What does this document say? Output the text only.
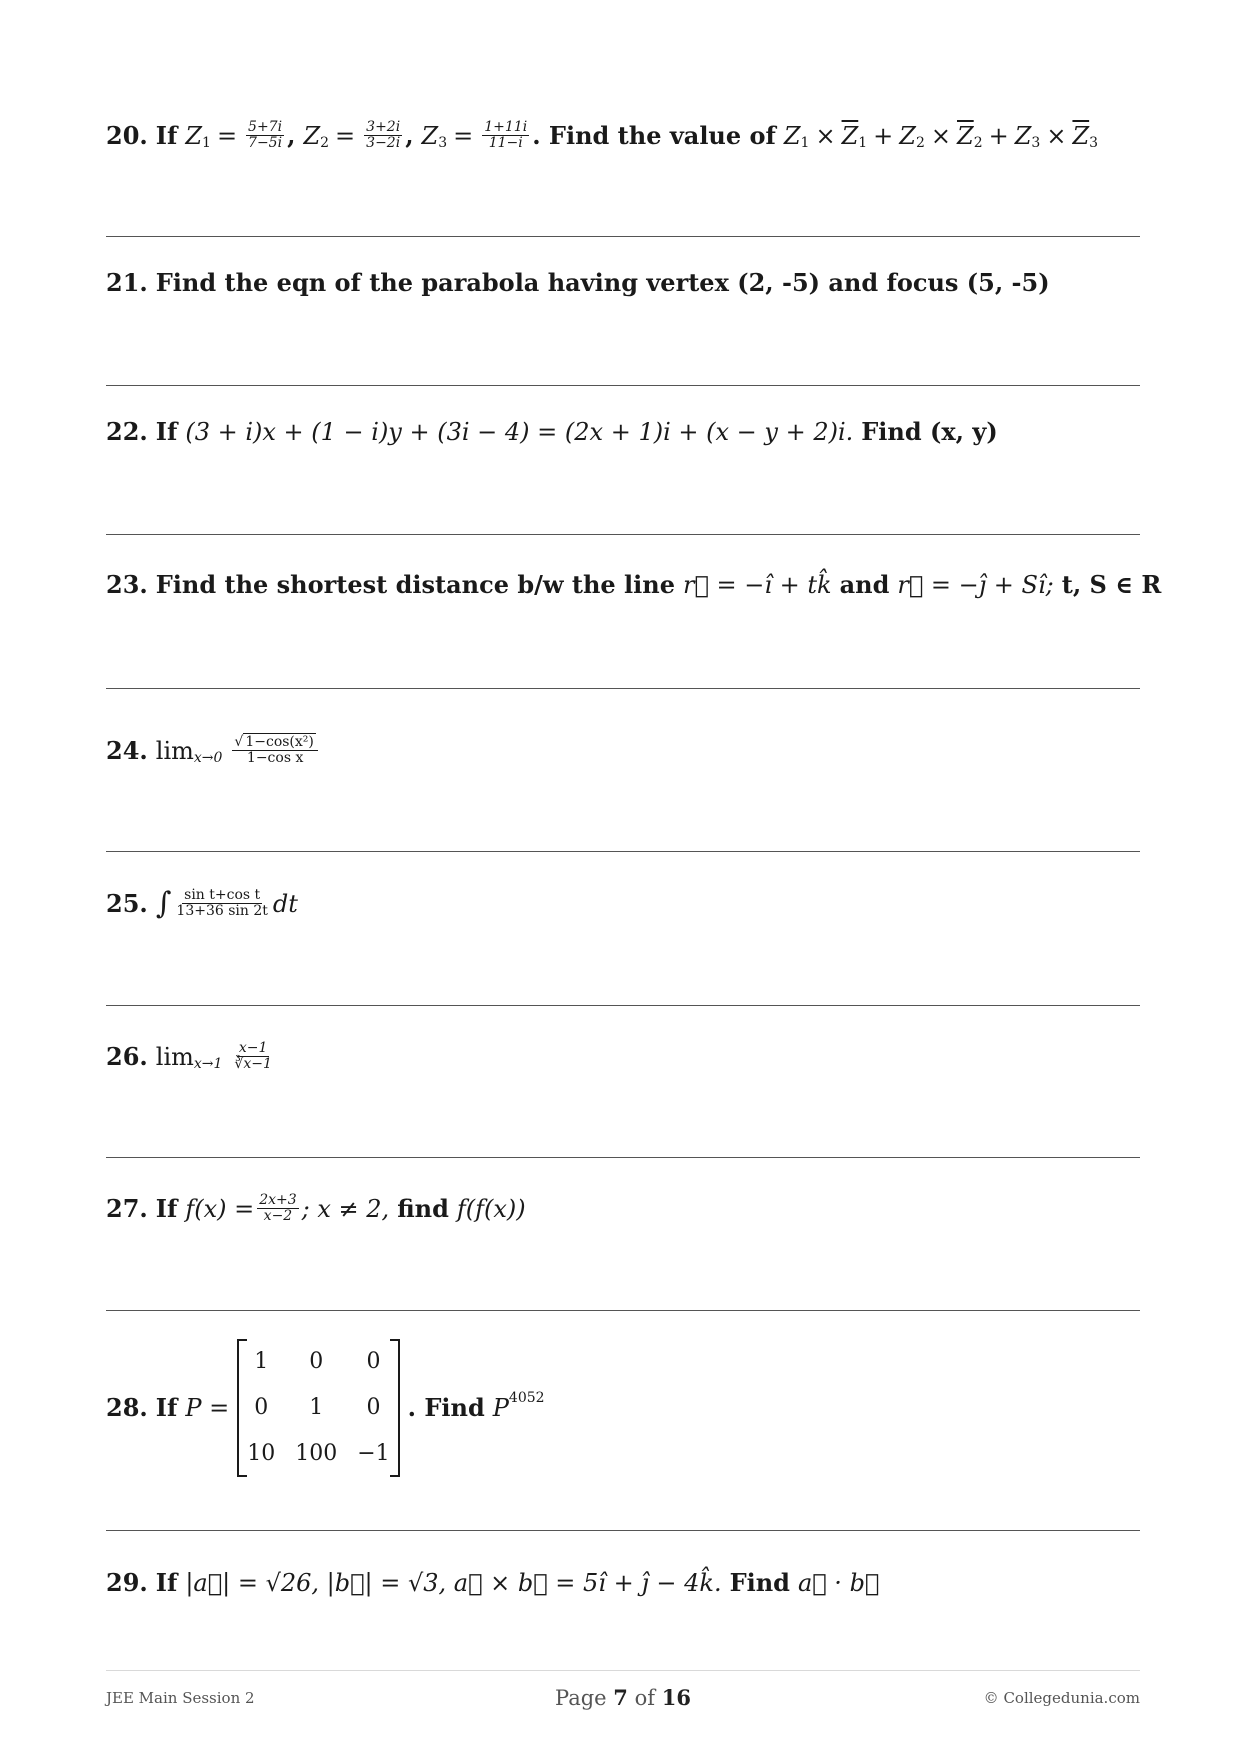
20. If Z $1 = \frac{5+7i}{7-5i}$ , Z $2 = \frac{3+2i}{3-2i}$ , Z $3 = \frac{1+11i}{11-i}$ . Find the value of Z $1 \times \overline{Z}$ 1 + Z $2 \times \overline{Z}$ 2 + Z $3 \times \overline{Z}$ 3
21. Find the eqn of the parabola having vertex (2, -5) and focus (5, -5)
22. If (3 + i)x + (1 − i)y + (3i − 4) = (2x + 1)i + (x − y + 2)i. Find (x, y)
23. Find the shortest distance b/w the line r⃗ = −î + tk̂ and r⃗ = −ĵ + Sî; t, S ∈ R
24. $\lim x\to 0 \frac{\text{√ 1−cos(x²)}}{\text{1−cos x}}$
25. ∫ $\frac{\text{sin t+cos t}}{13+36 \sin 2t}$ dt
26. $\lim x\to 1 \frac{x-1}{∛x-1}$
27. If $f(x) = \frac{2x+3}{x-2}$ ; x ≠ 2, find f(f(x))
28. If P =
1	0	0
0	1	0
10	100	−1
. Find P 4052
29. If |a⃗| = √26, |b⃗| = √3, a⃗ × b⃗ = 5î + ĵ − 4k̂. Find a⃗ · b⃗
JEE Main Session 2	Page 7 of 16	© Collegedunia.com
